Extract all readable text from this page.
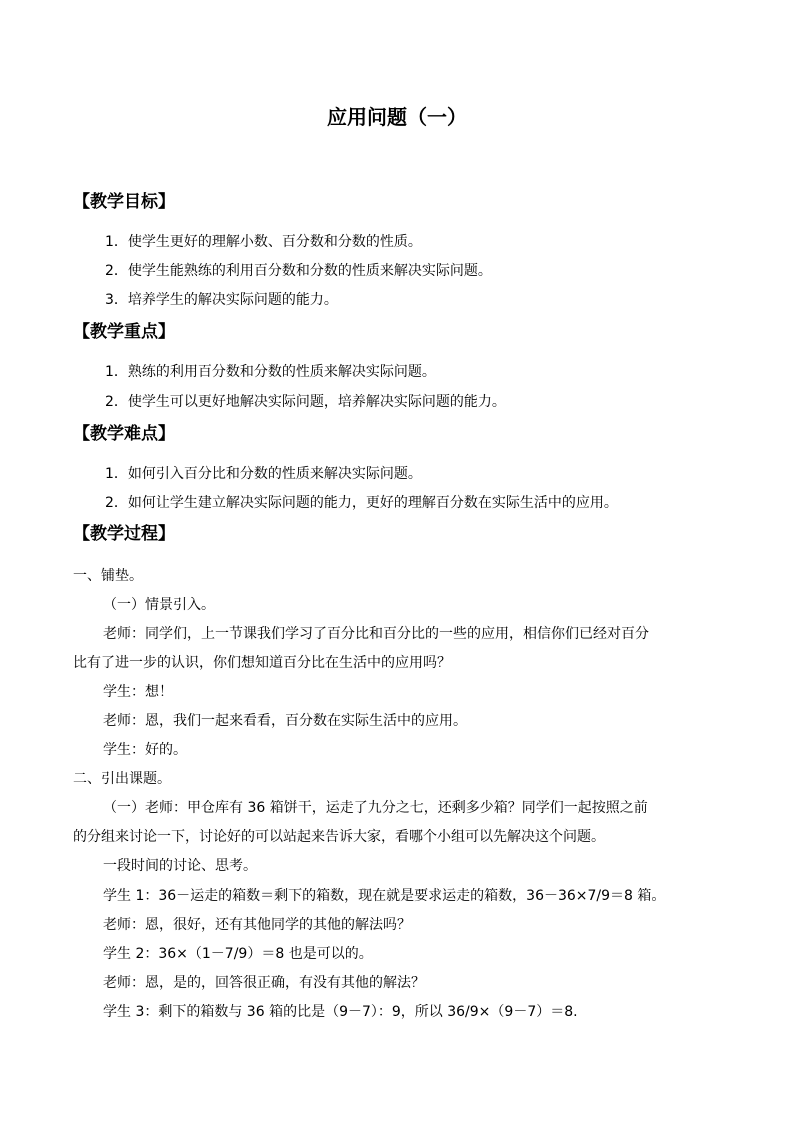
应用问题（一）
【教学目标】
1．使学生更好的理解小数、百分数和分数的性质。
2．使学生能熟练的利用百分数和分数的性质来解决实际问题。
3．培养学生的解决实际问题的能力。
【教学重点】
1．熟练的利用百分数和分数的性质来解决实际问题。
2．使学生可以更好地解决实际问题，培养解决实际问题的能力。
【教学难点】
1．如何引入百分比和分数的性质来解决实际问题。
2．如何让学生建立解决实际问题的能力，更好的理解百分数在实际生活中的应用。
【教学过程】
一、铺垫。
（一）情景引入。
老师：同学们，上一节课我们学习了百分比和百分比的一些的应用，相信你们已经对百分
比有了进一步的认识，你们想知道百分比在生活中的应用吗？
学生：想！
老师：恩，我们一起来看看，百分数在实际生活中的应用。
学生：好的。
二、引出课题。
（一）老师：甲仓库有 36 箱饼干，运走了九分之七，还剩多少箱？同学们一起按照之前
的分组来讨论一下，讨论好的可以站起来告诉大家，看哪个小组可以先解决这个问题。
一段时间的讨论、思考。
学生 1：36－运走的箱数＝剩下的箱数，现在就是要求运走的箱数，36－36×7/9＝8 箱。
老师：恩，很好，还有其他同学的其他的解法吗？
学生 2：36×（1－7/9）＝8 也是可以的。
老师：恩，是的，回答很正确，有没有其他的解法？
学生 3：剩下的箱数与 36 箱的比是（9－7）：9，所以 36/9×（9－7）＝8.
